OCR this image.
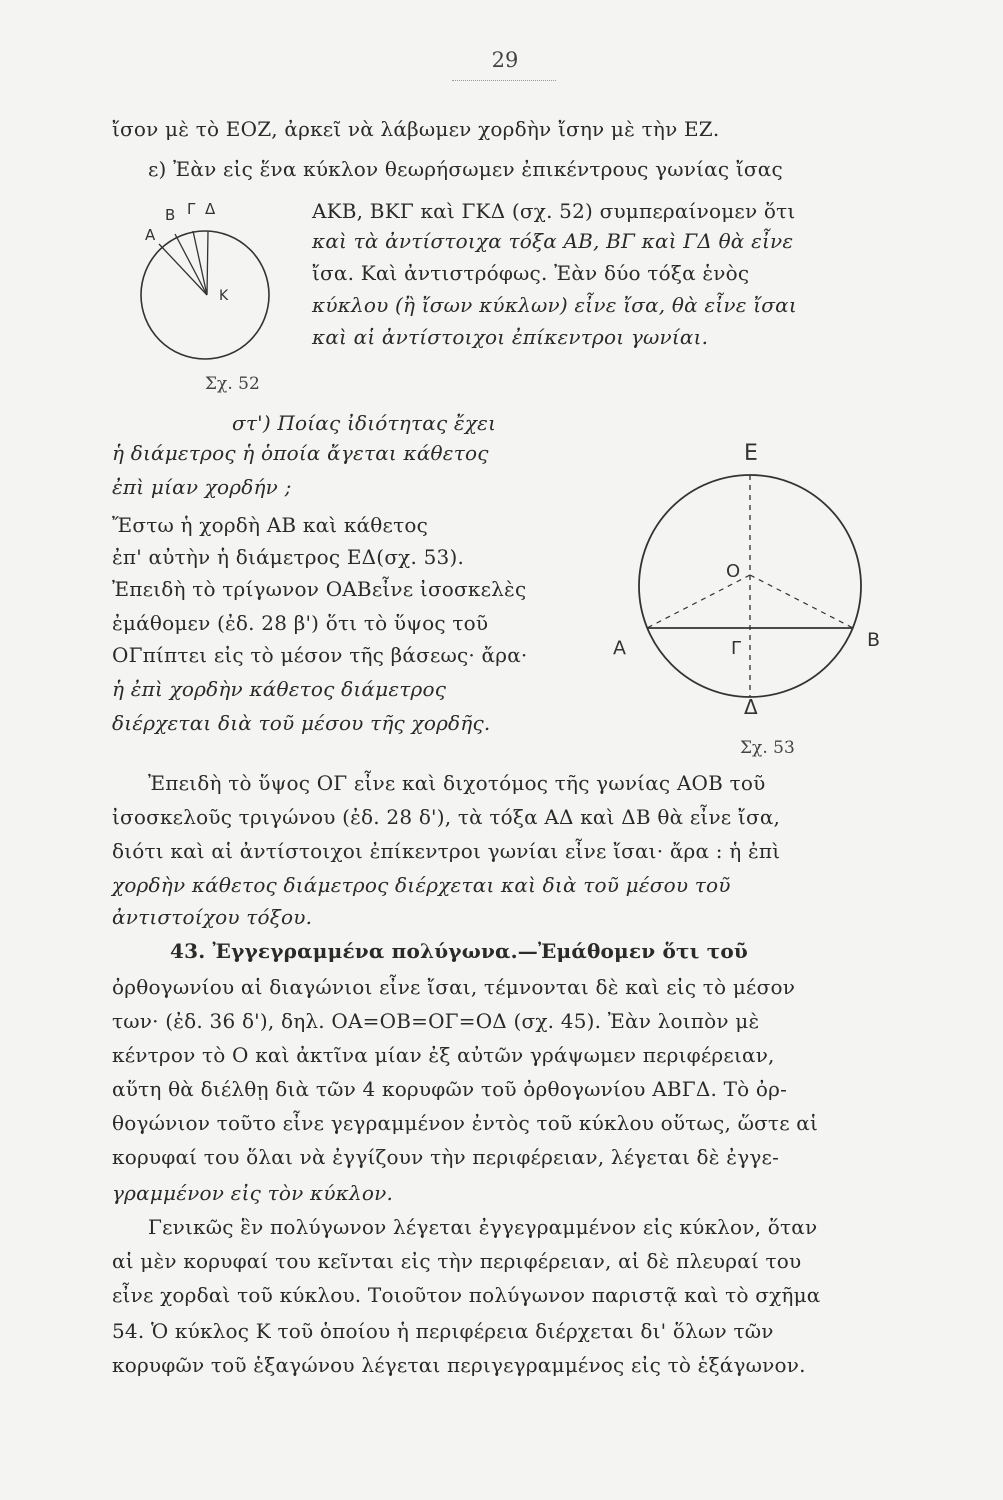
29
ἴσον μὲ τὸ ΕΟΖ, ἀρκεῖ νὰ λάβωμεν χορδὴν ἴσην μὲ τὴν ΕΖ.
ε) Ἐὰν εἰς ἕνα κύκλον θεωρήσωμεν ἐπικέντρους γωνίας ἴσας
ΑΚΒ, ΒΚΓ καὶ ΓΚΔ (σχ. 52) συμπεραίνομεν ὅτι
καὶ τὰ ἀντίστοιχα τόξα ΑΒ, ΒΓ καὶ ΓΔ θὰ εἶνε
ἴσα. Καὶ ἀντιστρόφως. Ἐὰν δύο τόξα ἑνὸς
κύκλου (ἢ ἴσων κύκλων) εἶνε ἴσα, θὰ εἶνε ἴσαι
καὶ αἱ ἀντίστοιχοι ἐπίκεντροι γωνίαι.
στ') Ποίας ἰδιότητας ἔχει
ἡ διάμετρος ἡ ὁποία ἄγεται κάθετος
ἐπὶ μίαν χορδήν ;
Ἔστω ἡ χορδὴ ΑΒ καὶ κάθετος
ἐπ' αὐτὴν ἡ διάμετρος ΕΔ(σχ. 53).
Ἐπειδὴ τὸ τρίγωνον ΟΑΒεἶνε ἰσοσκελὲς
ἐμάθομεν (ἐδ. 28 β') ὅτι τὸ ὕψος τοῦ
ΟΓπίπτει εἰς τὸ μέσον τῆς βάσεως· ἄρα·
ἡ ἐπὶ χορδὴν κάθετος διάμετρος
διέρχεται διὰ τοῦ μέσου τῆς χορδῆς.
Ἐπειδὴ τὸ ὕψος ΟΓ εἶνε καὶ διχοτόμος τῆς γωνίας ΑΟΒ τοῦ
ἰσοσκελοῦς τριγώνου (ἐδ. 28 δ'), τὰ τόξα ΑΔ καὶ ΔΒ θὰ εἶνε ἴσα,
διότι καὶ αἱ ἀντίστοιχοι ἐπίκεντροι γωνίαι εἶνε ἴσαι· ἄρα : ἡ ἐπὶ
χορδὴν κάθετος διάμετρος διέρχεται καὶ διὰ τοῦ μέσου τοῦ
ἀντιστοίχου τόξου.
43. Ἐγγεγραμμένα πολύγωνα.—Ἐμάθομεν ὅτι τοῦ
ὀρθογωνίου αἱ διαγώνιοι εἶνε ἴσαι, τέμνονται δὲ καὶ εἰς τὸ μέσον
των· (ἐδ. 36 δ'), δηλ. ΟΑ=ΟΒ=ΟΓ=ΟΔ (σχ. 45). Ἐὰν λοιπὸν μὲ
κέντρον τὸ Ο καὶ ἀκτῖνα μίαν ἐξ αὐτῶν γράψωμεν περιφέρειαν,
αὕτη θὰ διέλθῃ διὰ τῶν 4 κορυφῶν τοῦ ὀρθογωνίου ΑΒΓΔ. Τὸ ὀρ-
θογώνιον τοῦτο εἶνε γεγραμμένον ἐντὸς τοῦ κύκλου οὕτως, ὥστε αἱ
κορυφαί του ὅλαι νὰ ἐγγίζουν τὴν περιφέρειαν, λέγεται δὲ ἐγγε-
γραμμένον εἰς τὸν κύκλον.
Γενικῶς ἓν πολύγωνον λέγεται ἐγγεγραμμένον εἰς κύκλον, ὅταν
αἱ μὲν κορυφαί του κεῖνται εἰς τὴν περιφέρειαν, αἱ δὲ πλευραί του
εἶνε χορδαὶ τοῦ κύκλου. Τοιοῦτον πολύγωνον παριστᾷ καὶ τὸ σχῆμα
54. Ὁ κύκλος Κ τοῦ ὁποίου ἡ περιφέρεια διέρχεται δι' ὅλων τῶν
κορυφῶν τοῦ ἑξαγώνου λέγεται περιγεγραμμένος εἰς τὸ ἑξάγωνον.
Β Γ Δ
Α
Κ
Σχ. 52
Ε
Ο
Α	Γ	Β
Δ
Σχ. 53
